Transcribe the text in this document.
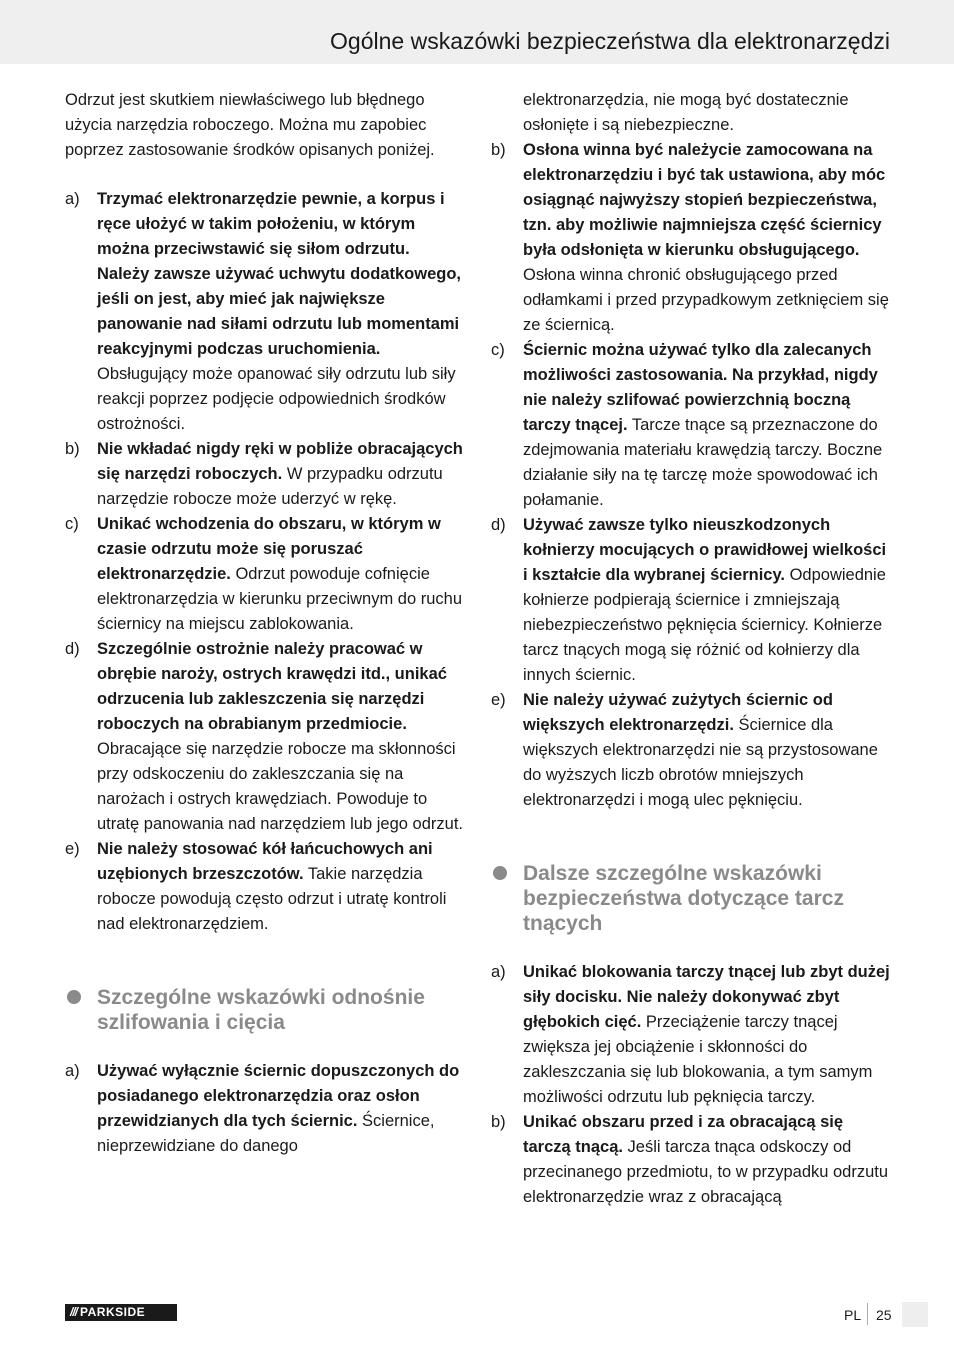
Ogólne wskazówki bezpieczeństwa dla elektronarzędzi

Odrzut jest skutkiem niewłaściwego lub błędnego użycia narzędzia roboczego. Można mu zapobiec poprzez zastosowanie środków opisanych poniżej.

a) Trzymać elektronarzędzie pewnie, a korpus i ręce ułożyć w takim położeniu, w którym można przeciwstawić się siłom odrzutu. Należy zawsze używać uchwytu dodatkowego, jeśli on jest, aby mieć jak największe panowanie nad siłami odrzutu lub momentami reakcyjnymi podczas uruchomienia. Obsługujący może opanować siły odrzutu lub siły reakcji poprzez podjęcie odpowiednich środków ostrożności.
b) Nie wkładać nigdy ręki w pobliże obracających się narzędzi roboczych. W przypadku odrzutu narzędzie robocze może uderzyć w rękę.
c) Unikać wchodzenia do obszaru, w którym w czasie odrzutu może się poruszać elektronarzędzie. Odrzut powoduje cofnięcie elektronarzędzia w kierunku przeciwnym do ruchu ściernicy na miejscu zablokowania.
d) Szczególnie ostrożnie należy pracować w obrębie naroży, ostrych krawędzi itd., unikać odrzucenia lub zakleszczenia się narzędzi roboczych na obrabianym przedmiocie. Obracające się narzędzie robocze ma skłonności przy odskoczeniu do zakleszczania się na narożach i ostrych krawędziach. Powoduje to utratę panowania nad narzędziem lub jego odrzut.
e) Nie należy stosować kół łańcuchowych ani uzębionych brzeszczotów. Takie narzędzia robocze powodują często odrzut i utratę kontroli nad elektronarzędziem.
Szczególne wskazówki odnośnie szlifowania i cięcia
a) Używać wyłącznie ściernic dopuszczonych do posiadanego elektronarzędzia oraz osłon przewidzianych dla tych ściernic. Ściernice, nieprzewidziane do danego

elektronarzędzia, nie mogą być dostatecznie osłonięte i są niebezpieczne.

b) Osłona winna być należycie zamocowana na elektronarzędziu i być tak ustawiona, aby móc osiągnąć najwyższy stopień bezpieczeństwa, tzn. aby możliwie najmniejsza część ściernicy była odsłonięta w kierunku obsługującego. Osłona winna chronić obsługującego przed odłamkami i przed przypadkowym zetknięciem się ze ściernicą.
c) Ściernic można używać tylko dla zalecanych możliwości zastosowania. Na przykład, nigdy nie należy szlifować powierzchnią boczną tarczy tnącej. Tarcze tnące są przeznaczone do zdejmowania materiału krawędzią tarczy. Boczne działanie siły na tę tarczę może spowodować ich połamanie.
d) Używać zawsze tylko nieuszkodzonych kołnierzy mocujących o prawidłowej wielkości i kształcie dla wybranej ściernicy. Odpowiednie kołnierze podpierają ściernice i zmniejszają niebezpieczeństwo pęknięcia ściernicy. Kołnierze tarcz tnących mogą się różnić od kołnierzy dla innych ściernic.
e) Nie należy używać zużytych ściernic od większych elektronarzędzi. Ściernice dla większych elektronarzędzi nie są przystosowane do wyższych liczb obrotów mniejszych elektronarzędzi i mogą ulec pęknięciu.
Dalsze szczególne wskazówki bezpieczeństwa dotyczące tarcz tnących
a) Unikać blokowania tarczy tnącej lub zbyt dużej siły docisku. Nie należy dokonywać zbyt głębokich cięć. Przeciążenie tarczy tnącej zwiększa jej obciążenie i skłonności do zakleszczania się lub blokowania, a tym samym możliwości odrzutu lub pęknięcia tarczy.
b) Unikać obszaru przed i za obracającą się tarczą tnącą. Jeśli tarcza tnąca odskoczy od przecinanego przedmiotu, to w przypadku odrzutu elektronarzędzie wraz z obracającą
/// PARKSIDE	PL 25
